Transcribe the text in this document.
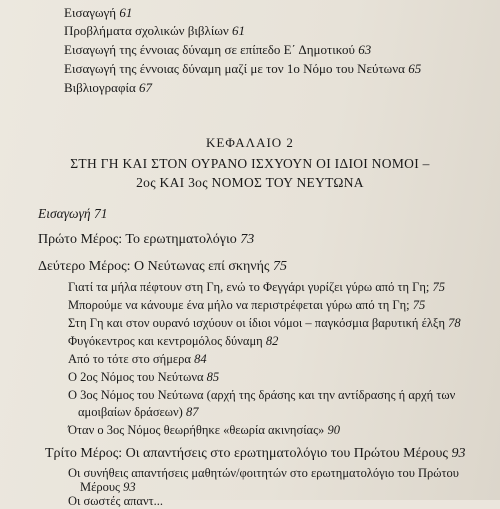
Εισαγωγή 61
Προβλήματα σχολικών βιβλίων 61
Εισαγωγή της έννοιας δύναμη σε επίπεδο Ε΄ Δημοτικού 63
Εισαγωγή της έννοιας δύναμη μαζί με τον 1ο Νόμο του Νεύτωνα 65
Βιβλιογραφία 67
ΚΕΦΑΛΑΙΟ 2
ΣΤΗ ΓΗ ΚΑΙ ΣΤΟΝ ΟΥΡΑΝΟ ΙΣΧΥΟΥΝ ΟΙ ΙΔΙΟΙ ΝΟΜΟΙ –
2ος ΚΑΙ 3ος ΝΟΜΟΣ ΤΟΥ ΝΕΥΤΩΝΑ
Εισαγωγή 71
Πρώτο Μέρος: Το ερωτηματολόγιο 73
Δεύτερο Μέρος: Ο Νεύτωνας επί σκηνής 75
Γιατί τα μήλα πέφτουν στη Γη, ενώ το Φεγγάρι γυρίζει γύρω από τη Γη; 75
Μπορούμε να κάνουμε ένα μήλο να περιστρέφεται γύρω από τη Γη; 75
Στη Γη και στον ουρανό ισχύουν οι ίδιοι νόμοι – παγκόσμια βαρυτική έλξη 78
Φυγόκεντρος και κεντρομόλος δύναμη 82
Από το τότε στο σήμερα 84
Ο 2ος Νόμος του Νεύτωνα 85
Ο 3ος Νόμος του Νεύτωνα (αρχή της δράσης και την αντίδρασης ή αρχή των
αμοιβαίων δράσεων) 87
Όταν ο 3ος Νόμος θεωρήθηκε «θεωρία ακινησίας» 90
Τρίτο Μέρος: Οι απαντήσεις στο ερωτηματολόγιο του Πρώτου Μέρους 93
Οι συνήθεις απαντήσεις μαθητών/φοιτητών στο ερωτηματολόγιο του Πρώτου
Μέρους 93
Οι σωστές απαντ...
